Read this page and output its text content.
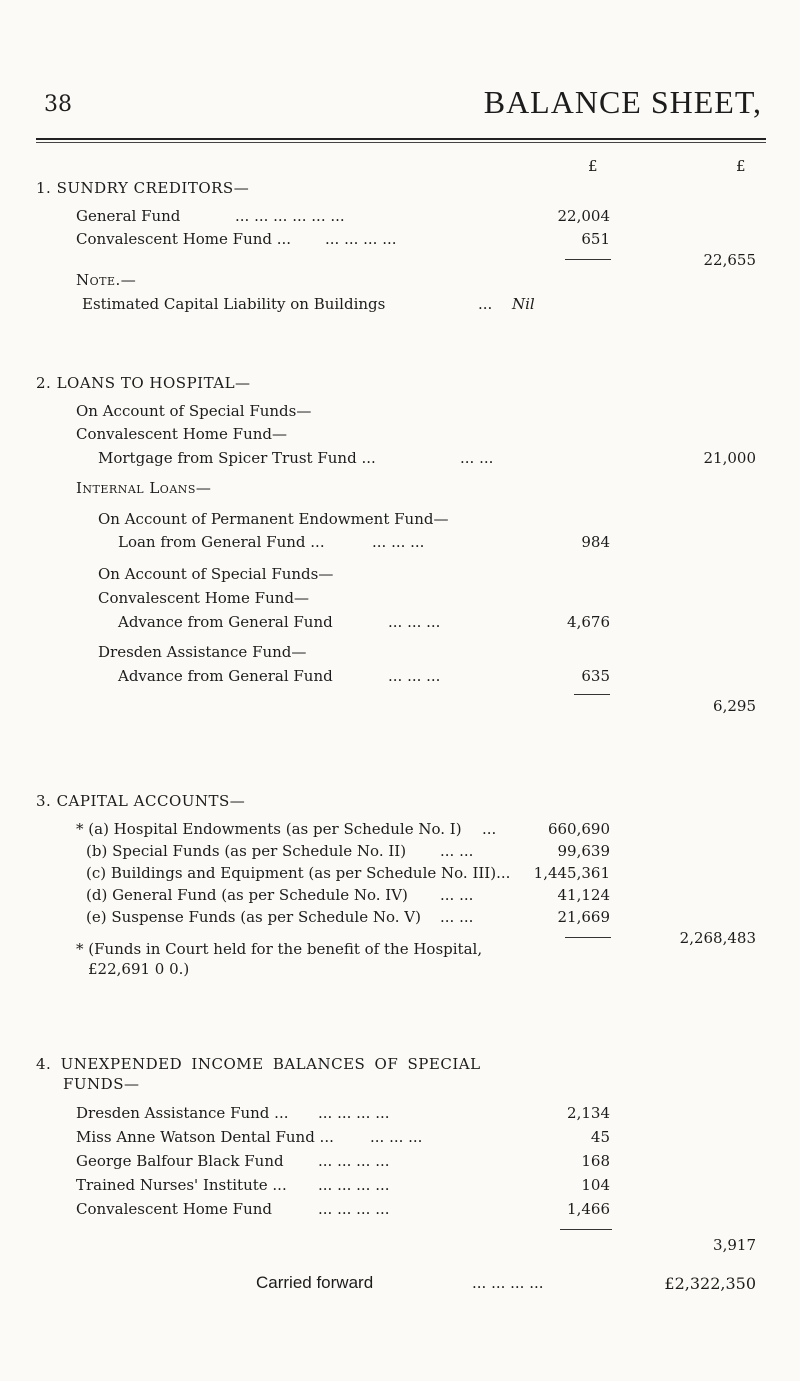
38	BALANCE SHEET,
£	£
1. SUNDRY CREDITORS—
General Fund	... ... ... ... ... ...	22,004
Convalescent Home Fund ... ... ... ... ...	651
22,655
Note.—
Estimated Capital Liability on Buildings	... Nil
2. LOANS TO HOSPITAL—
On Account of Special Funds—
Convalescent Home Fund—
Mortgage from Spicer Trust Fund ...	... ...	21,000
Internal Loans—
On Account of Permanent Endowment Fund—
Loan from General Fund ...	... ... ...	984
On Account of Special Funds—
Convalescent Home Fund—
Advance from General Fund	... ... ...	4,676
Dresden Assistance Fund—
Advance from General Fund	... ... ...	635
6,295
3. CAPITAL ACCOUNTS—
* (a) Hospital Endowments (as per Schedule No. I) ...	660,690
(b) Special Funds (as per Schedule No. II) ... ...	99,639
(c) Buildings and Equipment (as per Schedule No. III)... 1,445,361
(d) General Fund (as per Schedule No. IV) ... ...	41,124
(e) Suspense Funds (as per Schedule No. V) ... ...	21,669
2,268,483
* (Funds in Court held for the benefit of the Hospital,
£22,691 0 0.)
4. UNEXPENDED INCOME BALANCES OF SPECIAL
FUNDS—
Dresden Assistance Fund ... ... ... ... ...	2,134
Miss Anne Watson Dental Fund ... ... ... ...	45
George Balfour Black Fund ... ... ... ...	168
Trained Nurses' Institute ... ... ... ... ...	104
Convalescent Home Fund	... ... ... ...	1,466
3,917
Carried forward	... ... ... ...	£2,322,350
